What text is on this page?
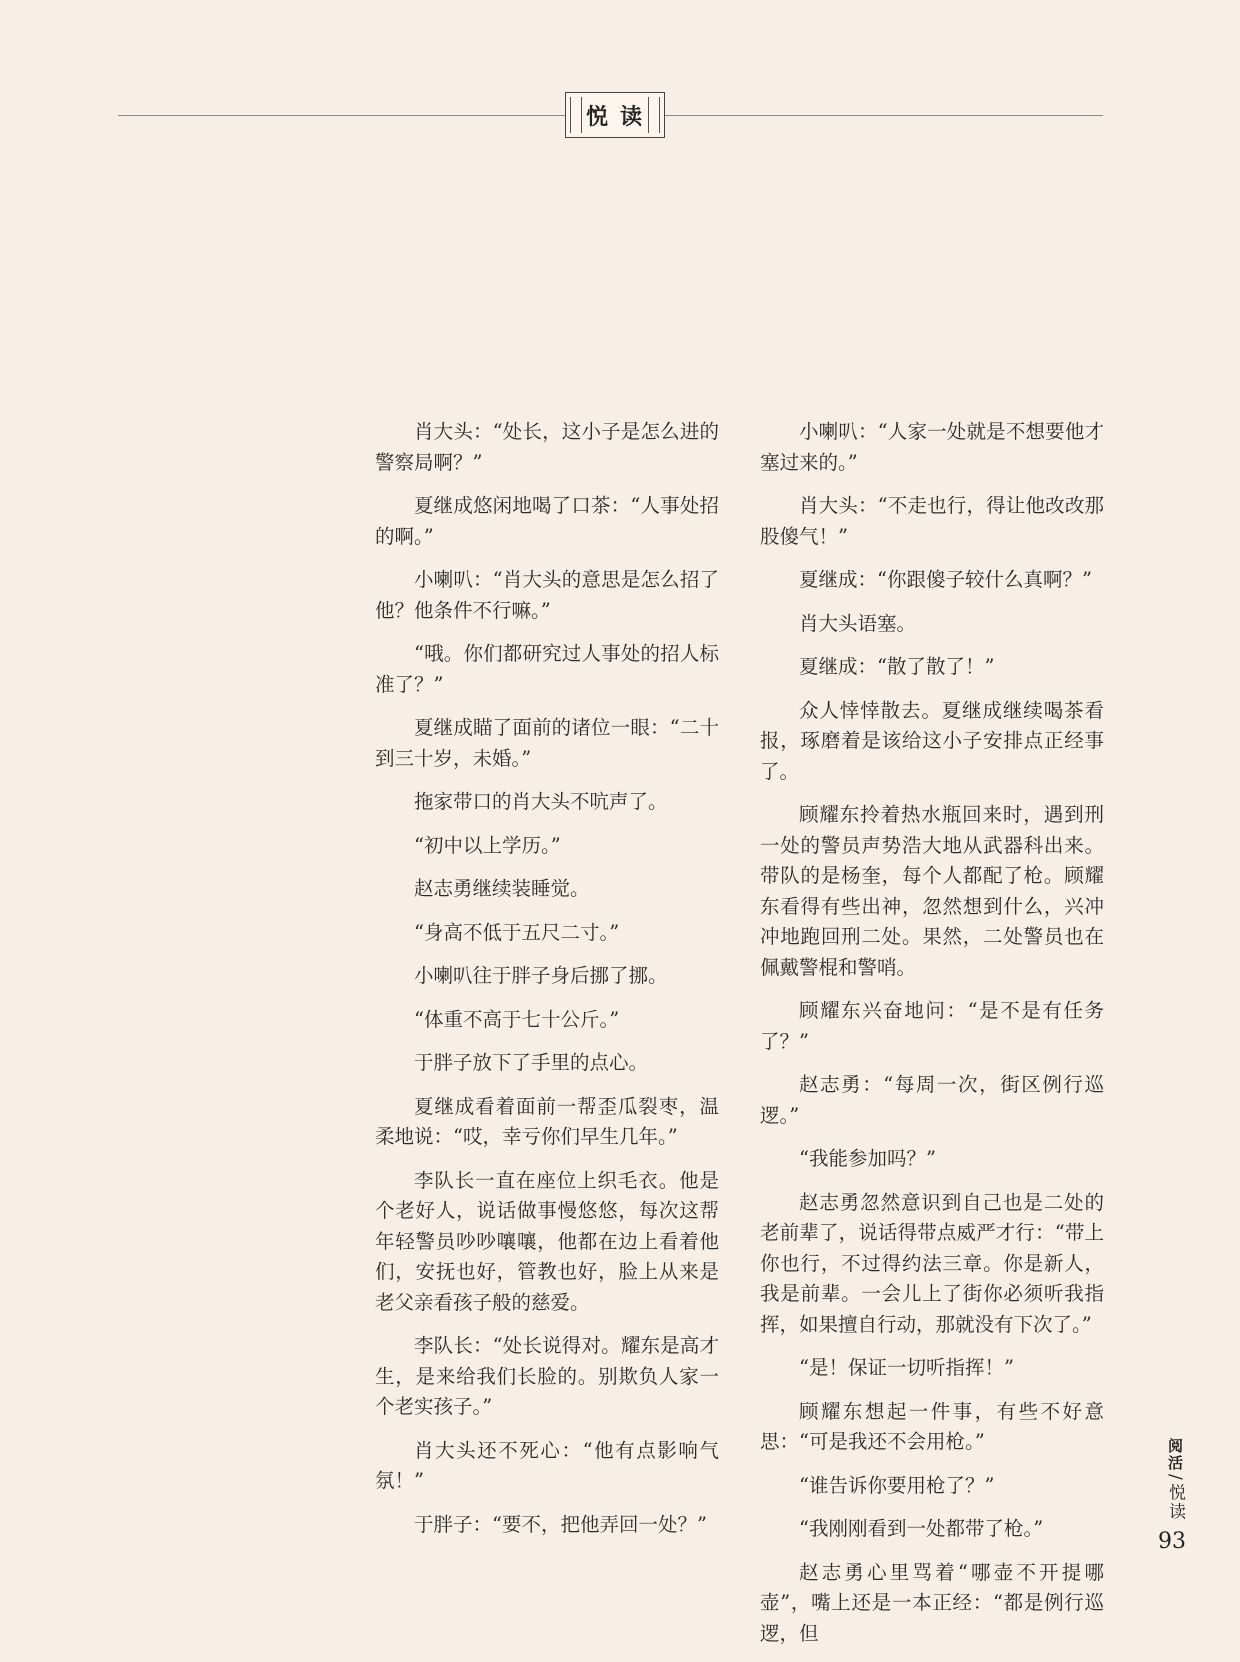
悦读

肖大头：“处长，这小子是怎么进的警察局啊？”

夏继成悠闲地喝了口茶：“人事处招的啊。”

小喇叭：“肖大头的意思是怎么招了他？他条件不行嘛。”

“哦。你们都研究过人事处的招人标准了？”

夏继成瞄了面前的诸位一眼：“二十到三十岁，未婚。”

拖家带口的肖大头不吭声了。

“初中以上学历。”

赵志勇继续装睡觉。

“身高不低于五尺二寸。”

小喇叭往于胖子身后挪了挪。

“体重不高于七十公斤。”

于胖子放下了手里的点心。

夏继成看着面前一帮歪瓜裂枣，温柔地说：“哎，幸亏你们早生几年。”

李队长一直在座位上织毛衣。他是个老好人，说话做事慢悠悠，每次这帮年轻警员吵吵嚷嚷，他都在边上看着他们，安抚也好，管教也好，脸上从来是老父亲看孩子般的慈爱。

李队长：“处长说得对。耀东是高才生，是来给我们长脸的。别欺负人家一个老实孩子。”

肖大头还不死心：“他有点影响气氛！”

于胖子：“要不，把他弄回一处？”

小喇叭：“人家一处就是不想要他才塞过来的。”

肖大头：“不走也行，得让他改改那股傻气！”

夏继成：“你跟傻子较什么真啊？”

肖大头语塞。

夏继成：“散了散了！”

众人悻悻散去。夏继成继续喝茶看报，琢磨着是该给这小子安排点正经事了。

顾耀东拎着热水瓶回来时，遇到刑一处的警员声势浩大地从武器科出来。带队的是杨奎，每个人都配了枪。顾耀东看得有些出神，忽然想到什么，兴冲冲地跑回刑二处。果然，二处警员也在佩戴警棍和警哨。

顾耀东兴奋地问：“是不是有任务了？”

赵志勇：“每周一次，街区例行巡逻。”

“我能参加吗？”

赵志勇忽然意识到自己也是二处的老前辈了，说话得带点威严才行：“带上你也行，不过得约法三章。你是新人，我是前辈。一会儿上了街你必须听我指挥，如果擅自行动，那就没有下次了。”

“是！保证一切听指挥！”

顾耀东想起一件事，有些不好意思：“可是我还不会用枪。”

“谁告诉你要用枪了？”

“我刚刚看到一处都带了枪。”

赵志勇心里骂着“哪壶不开提哪壶”，嘴上还是一本正经：“都是例行巡逻，但

阅活/悦读
93
